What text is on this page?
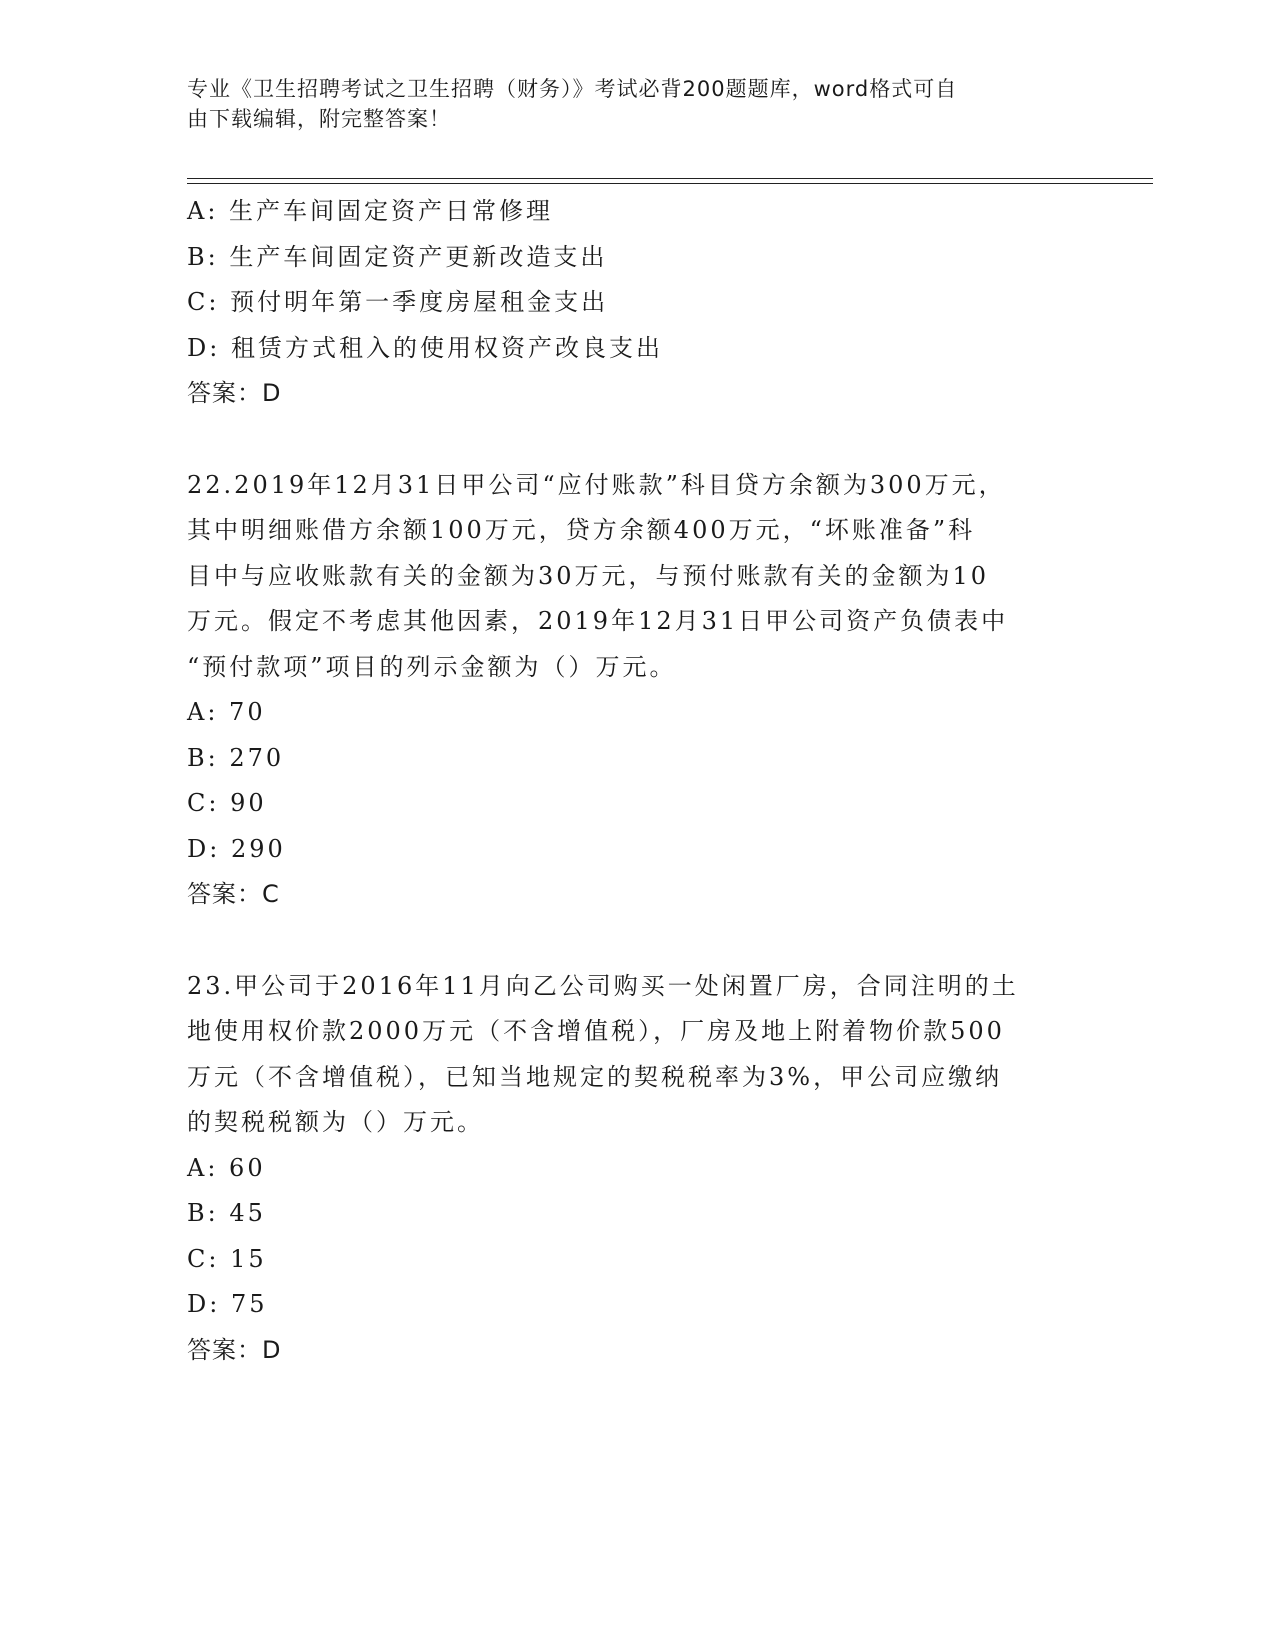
专业《卫生招聘考试之卫生招聘（财务）》考试必背200题题库，word格式可自
由下载编辑，附完整答案！
A: 生产车间固定资产日常修理
B: 生产车间固定资产更新改造支出
C: 预付明年第一季度房屋租金支出
D: 租赁方式租入的使用权资产改良支出
答案：D
22.2019年12月31日甲公司“应付账款”科目贷方余额为300万元，
其中明细账借方余额100万元，贷方余额400万元，“坏账准备”科
目中与应收账款有关的金额为30万元，与预付账款有关的金额为10
万元。假定不考虑其他因素，2019年12月31日甲公司资产负债表中
“预付款项”项目的列示金额为（）万元。
A: 70
B: 270
C: 90
D: 290
答案：C
23.甲公司于2016年11月向乙公司购买一处闲置厂房，合同注明的土
地使用权价款2000万元（不含增值税），厂房及地上附着物价款500
万元（不含增值税），已知当地规定的契税税率为3%，甲公司应缴纳
的契税税额为（）万元。
A: 60
B: 45
C: 15
D: 75
答案：D
